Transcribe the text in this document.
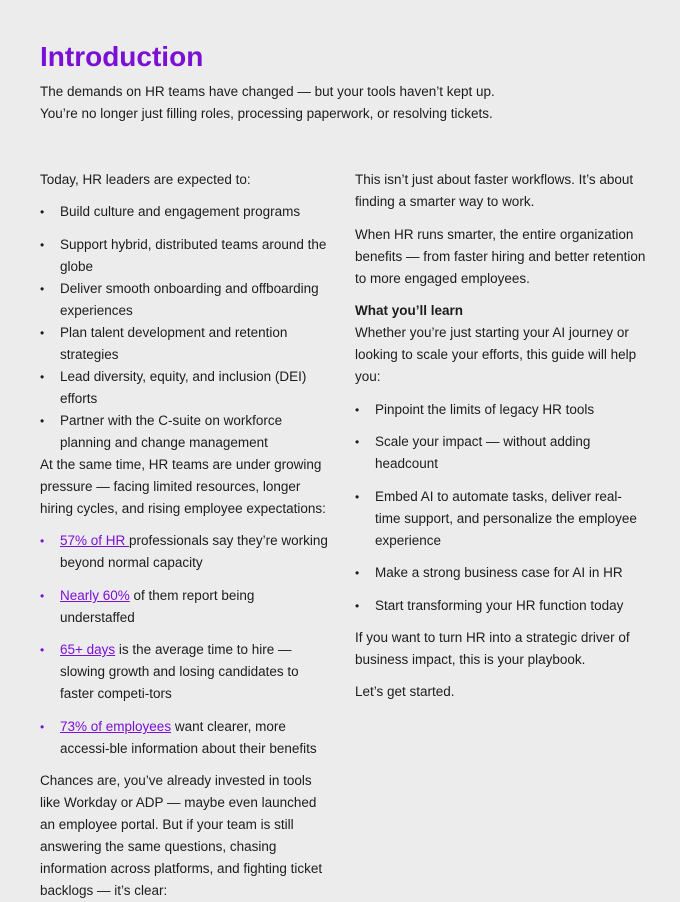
Introduction
The demands on HR teams have changed — but your tools haven’t kept up.
You’re no longer just filling roles, processing paperwork, or resolving tickets.

Today, HR leaders are expected to:

• Build culture and engagement programs
• Support hybrid, distributed teams around the globe
• Deliver smooth onboarding and offboarding experiences
• Plan talent development and retention strategies
• Lead diversity, equity, and inclusion (DEI) efforts
• Partner with the C-suite on workforce planning and change management

At the same time, HR teams are under growing pressure — facing limited resources, longer hiring cycles, and rising employee expectations:

• 57% of HR professionals say they’re working beyond normal capacity
• Nearly 60% of them report being understaffed
• 65+ days is the average time to hire — slowing growth and losing candidates to faster competi-tors
• 73% of employees want clearer, more accessi-ble information about their benefits

Chances are, you’ve already invested in tools like Workday or ADP — maybe even launched an employee portal. But if your team is still answering the same questions, chasing information across platforms, and fighting ticket backlogs — it’s clear:

This isn’t just about faster workflows. It’s about finding a smarter way to work.

When HR runs smarter, the entire organization benefits — from faster hiring and better retention to more engaged employees.

What you’ll learn

Whether you’re just starting your AI journey or looking to scale your efforts, this guide will help you:

• Pinpoint the limits of legacy HR tools
• Scale your impact — without adding headcount
• Embed AI to automate tasks, deliver real-time support, and personalize the employee experience
• Make a strong business case for AI in HR
• Start transforming your HR function today

If you want to turn HR into a strategic driver of business impact, this is your playbook.

Let’s get started.
